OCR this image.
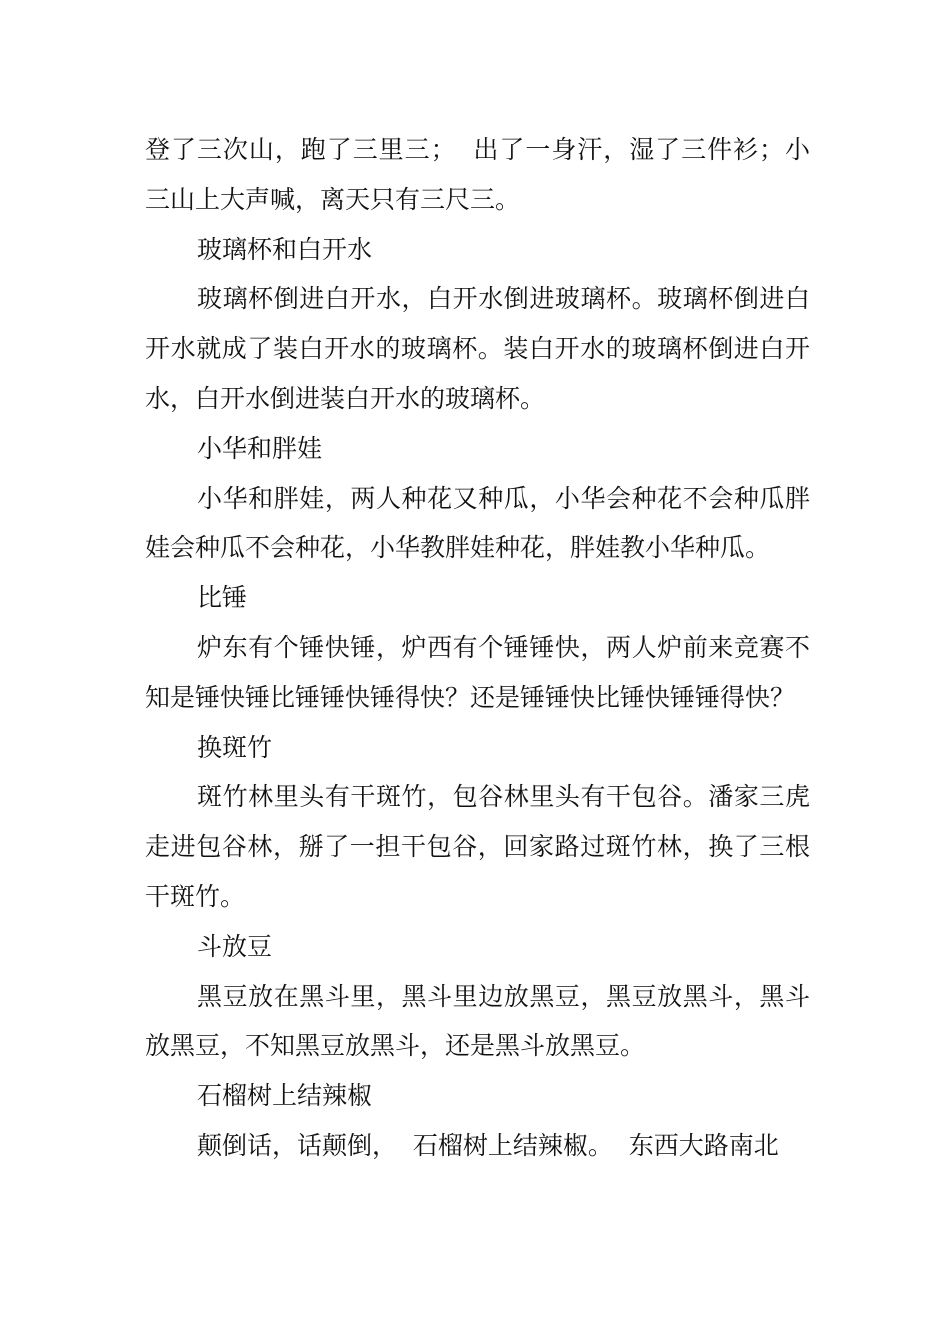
登了三次山，跑了三里三；  出了一身汗，湿了三件衫；小三山上大声喊，离天只有三尺三。

玻璃杯和白开水

玻璃杯倒进白开水，白开水倒进玻璃杯。玻璃杯倒进白开水就成了装白开水的玻璃杯。装白开水的玻璃杯倒进白开水，白开水倒进装白开水的玻璃杯。

小华和胖娃

小华和胖娃，两人种花又种瓜，小华会种花不会种瓜胖娃会种瓜不会种花，小华教胖娃种花，胖娃教小华种瓜。

比锤

炉东有个锤快锤，炉西有个锤锤快，两人炉前来竞赛不知是锤快锤比锤锤快锤得快？还是锤锤快比锤快锤锤得快？

换斑竹

斑竹林里头有干斑竹，包谷林里头有干包谷。潘家三虎走进包谷林，掰了一担干包谷，回家路过斑竹林，换了三根干斑竹。

斗放豆

黑豆放在黑斗里，黑斗里边放黑豆，黑豆放黑斗，黑斗放黑豆，不知黑豆放黑斗，还是黑斗放黑豆。

石榴树上结辣椒

颠倒话，话颠倒，  石榴树上结辣椒。  东西大路南北
